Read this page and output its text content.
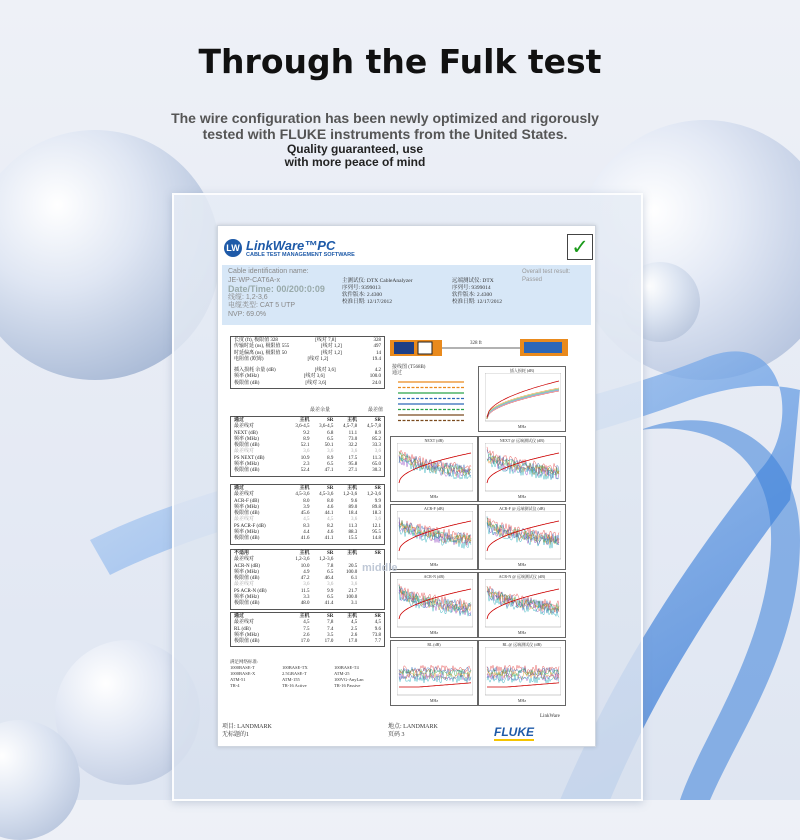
Through the Fulk test

The wire configuration has been newly optimized and rigorously
tested with FLUKE instruments from the United States.

Quality guaranteed, use
with more peace of mind

LW LinkWare™PC
CABLE TEST MANAGEMENT SOFTWARE	✓
Cable identification name:
JE-WP-CAT6A-x
Date/Time: 00/200:0:09
线缆: 1,2-3,6
电缆类型: CAT 5 UTP
NVP: 69.0%
主测试仪: DTX CableAnalyzer
序列号: 9399013
软件版本: 2.4300
校准日期: 12/17/2012
远端测试仪: DTX
序列号: 9399014
软件版本: 2.4300
校准日期: 12/17/2012
Overall test result:
Passed
长度 (ft), 极限值 328	[线对 7,8]	328
传输时延 (ns), 极限值 555	[线对 1,2]	497
时延偏离 (ns), 极限值 50	[线对 1,2]	14
电阻值 (欧姆)	[线对 1,2]	19.4
插入损耗 余量 (dB)	[线对 3,6]	4.2
频率 (MHz)	[线对 3,6]	100.0
极限值 (dB)	[线对 3,6]	24.0
最差余量	最差值
通过	主机	SR	主机	SR
最差线对	3,6-4,5	3,6-4,5	4,5-7,8	4,5-7,8
NEXT (dB)	9.2	6.8	11.1	8.9
频率 (MHz)	8.9	6.5	73.0	85.2
极限值 (dB)	52.1	50.1	32.2	33.3
最差线对	3,6	3,6	3,6	3,6
PS NEXT (dB)	10.9	8.9	17.5	11.3
频率 (MHz)	2.3	6.5	95.8	65.0
极限值 (dB)	52.4	47.1	27.1	30.3
通过	主机	SR	主机	SR
最差线对	4,5-3,6	4,5-3,6	1,2-3,6	1,2-3,6
ACR-F (dB)	8.0	8.0	9.6	9.9
频率 (MHz)	3.9	4.6	89.0	89.8
极限值 (dB)	45.6	44.1	18.4	18.3
最差线对	4,5	4,5	3,6	3,6
PS ACR-F (dB)	8.3	8.2	11.3	12.1
频率 (MHz)	4.4	4.6	88.3	95.5
极限值 (dB)	41.6	41.1	15.5	14.8
不适用	主机	SR	主机	SR
最差线对	1,2-3,6	1,2-3,6
ACR-N (dB)	10.0	7.8	20.5
频率 (MHz)	4.9	6.5	100.0
极限值 (dB)	47.2	46.4	6.1
最差线对	3,6	3,6	3,6
PS ACR-N (dB)	11.5	9.9	21.7
频率 (MHz)	3.3	6.5	100.0
极限值 (dB)	48.0	41.4	3.1
通过	主机	SR	主机	SR
最差线对	4,5	7,8	4,5	4,5
RL (dB)	7.5	7.4	2.5	9.6
频率 (MHz)	2.6	3.5	2.6	73.8
极限值 (dB)	17.0	17.0	17.0	7.7
满足网络标准:
1000BASE-T	100BASE-TX	100BASE-T4
1000BASE-X	2.5GBASE-T	ATM-25
ATM-51	ATM-155	100VG-AnyLan
TR-4	TR-16 Active	TR-16 Passive
328 ft
接线图 (T568B)
通过
插入损耗 (dB)
MHz
NEXT (dB)
MHz
NEXT @ 远端测试仪 (dB)
MHz
ACR-F (dB)
MHz
ACR-F @ 远端测试仪 (dB)
MHz
ACR-N (dB)
MHz
ACR-N @ 远端测试仪 (dB)
MHz
RL (dB)
MHz
RL @ 远端测试仪 (dB)
MHz
项目: LANDMARK
无标题的1
地点: LANDMARK
页码 3
LinkWare
FLUKE
middle
